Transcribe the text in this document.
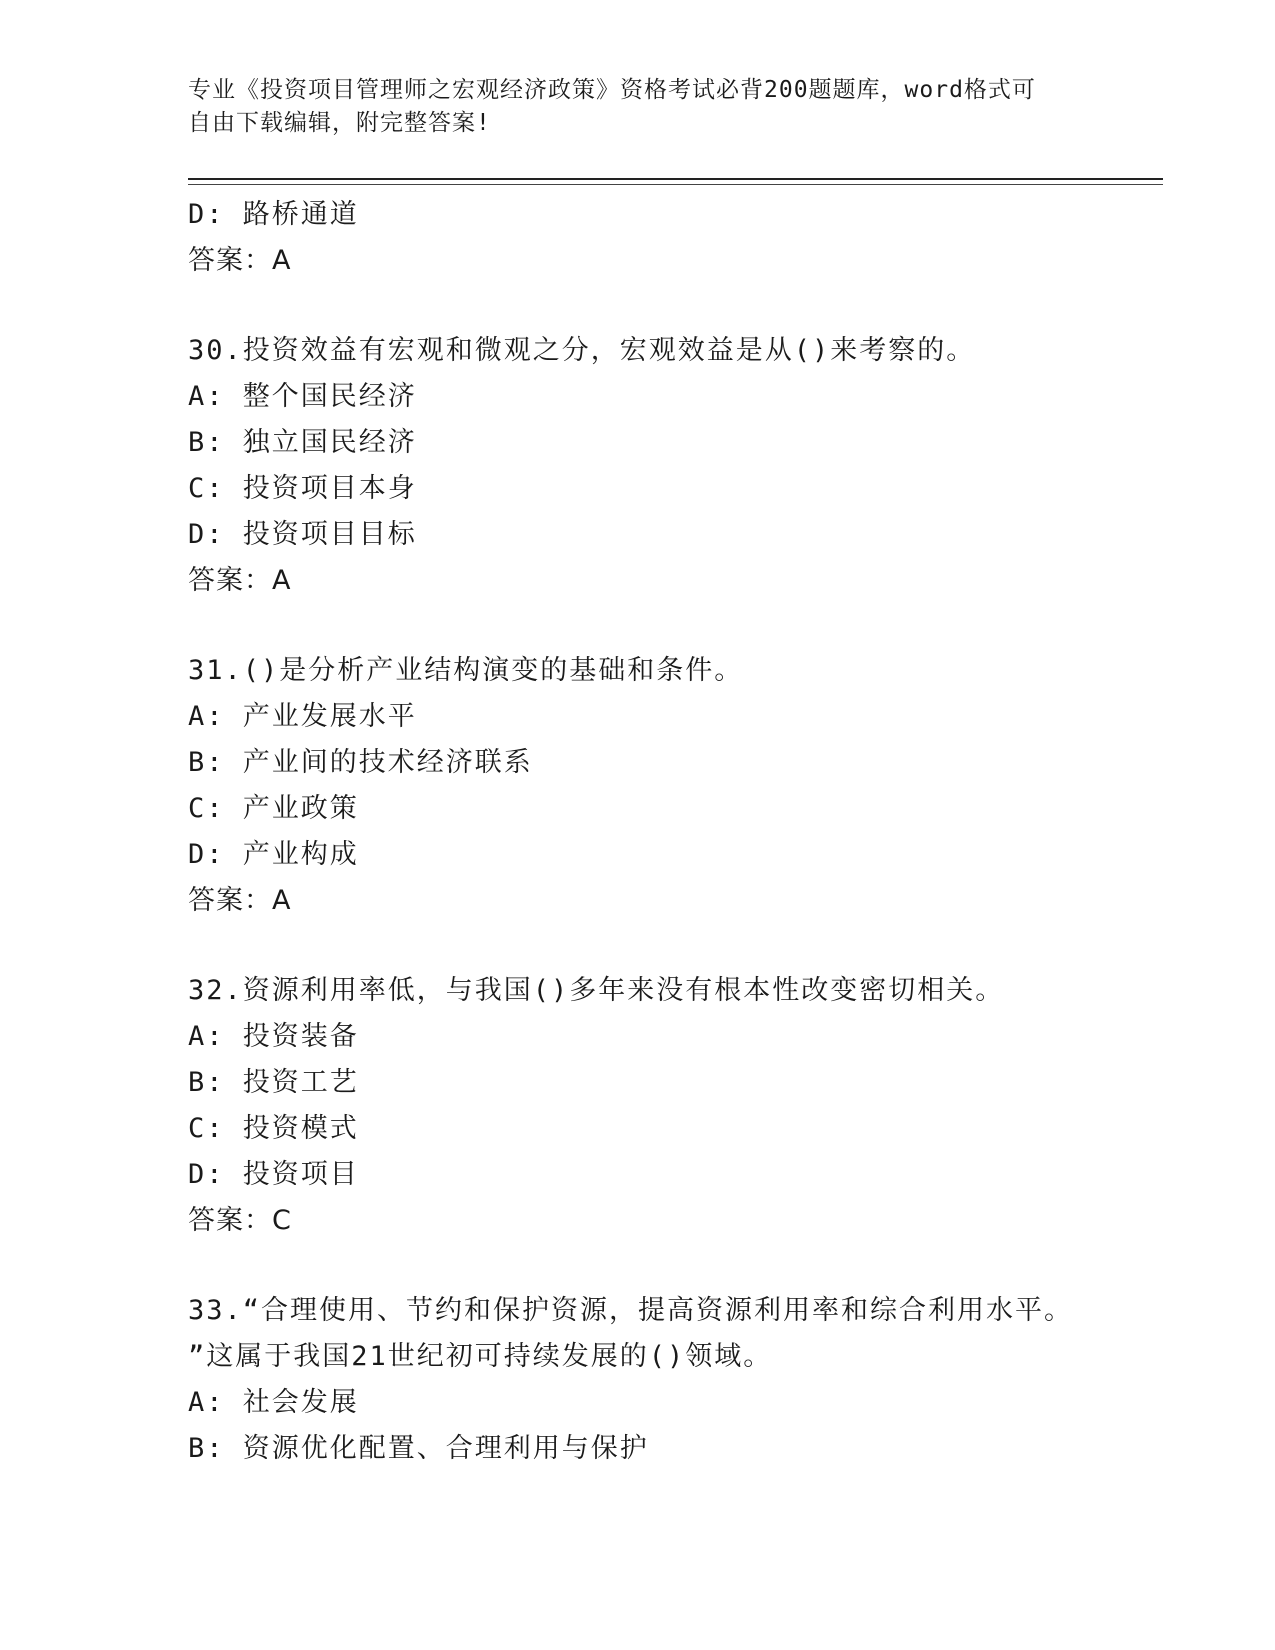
专业《投资项目管理师之宏观经济政策》资格考试必背200题题库，word格式可
自由下载编辑，附完整答案!
D: 路桥通道
答案：A
30.投资效益有宏观和微观之分，宏观效益是从()来考察的。
A: 整个国民经济
B: 独立国民经济
C: 投资项目本身
D: 投资项目目标
答案：A
31.()是分析产业结构演变的基础和条件。
A: 产业发展水平
B: 产业间的技术经济联系
C: 产业政策
D: 产业构成
答案：A
32.资源利用率低，与我国()多年来没有根本性改变密切相关。
A: 投资装备
B: 投资工艺
C: 投资模式
D: 投资项目
答案：C
33.“合理使用、节约和保护资源，提高资源利用率和综合利用水平。
”这属于我国21世纪初可持续发展的()领域。
A: 社会发展
B: 资源优化配置、合理利用与保护
